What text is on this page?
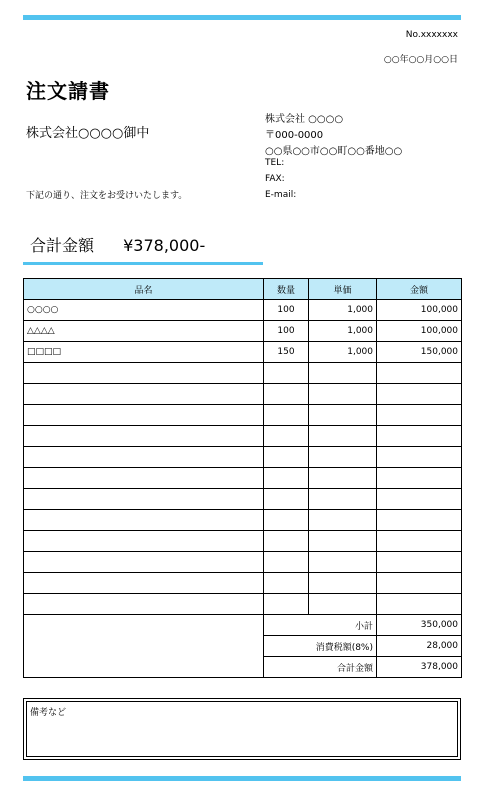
No.xxxxxxx
○○年○○月○○日
注文請書
株式会社○○○○御中
下記の通り、注文をお受けいたします。
株式会社 ○○○○
〒000-0000
○○県○○市○○町○○番地○○
TEL:
FAX:
E-mail:
合計金額 ¥378,000-
品名	数量	単価	金額
○○○○	100	1,000	100,000
△△△△	100	1,000	100,000
□□□□	150	1,000	150,000

	小計		350,000
	消費税額(8%)		28,000
	合計金額		378,000
備考など
